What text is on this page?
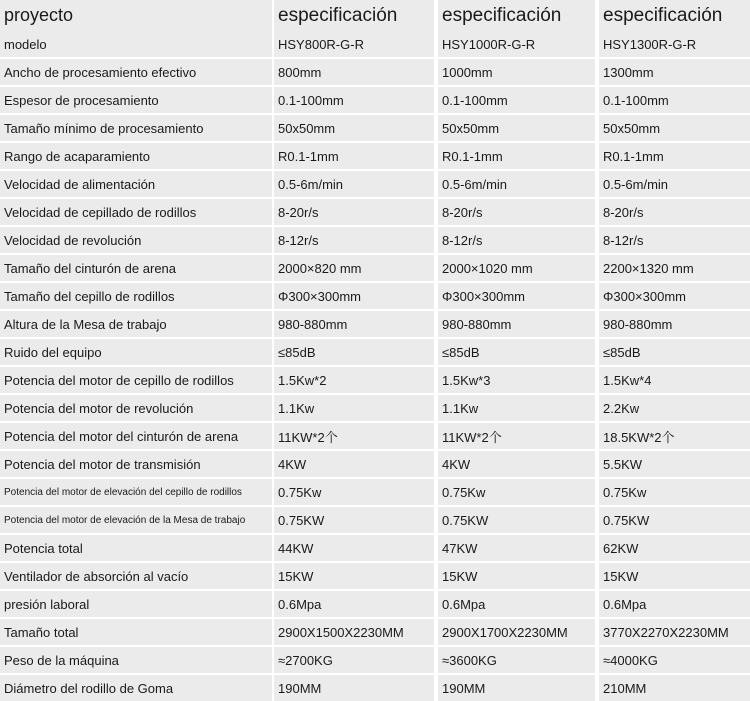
proyecto	especificación	especificación	especificación
modelo	HSY800R-G-R	HSY1000R-G-R	HSY1300R-G-R
Ancho de procesamiento efectivo	800mm	1000mm	1300mm
Espesor de procesamiento	0.1-100mm	0.1-100mm	0.1-100mm
Tamaño mínimo de procesamiento	50x50mm	50x50mm	50x50mm
Rango de acaparamiento	R0.1-1mm	R0.1-1mm	R0.1-1mm
Velocidad de alimentación	0.5-6m/min	0.5-6m/min	0.5-6m/min
Velocidad de cepillado de rodillos	8-20r/s	8-20r/s	8-20r/s
Velocidad de revolución	8-12r/s	8-12r/s	8-12r/s
Tamaño del cinturón de arena	2000×820 mm	2000×1020 mm	2200×1320 mm
Tamaño del cepillo de rodillos	Φ300×300mm	Φ300×300mm	Φ300×300mm
Altura de la Mesa de trabajo	980-880mm	980-880mm	980-880mm
Ruido del equipo	≤85dB	≤85dB	≤85dB
Potencia del motor de cepillo de rodillos	1.5Kw*2	1.5Kw*3	1.5Kw*4
Potencia del motor de revolución	1.1Kw	1.1Kw	2.2Kw
Potencia del motor del cinturón de arena	11KW*2个	11KW*2个	18.5KW*2个
Potencia del motor de transmisión	4KW	4KW	5.5KW
Potencia del motor de elevación del cepillo de rodillos	0.75Kw	0.75Kw	0.75Kw
Potencia del motor de elevación de la Mesa de trabajo	0.75KW	0.75KW	0.75KW
Potencia total	44KW	47KW	62KW
Ventilador de absorción al vacío	15KW	15KW	15KW
presión laboral	0.6Mpa	0.6Mpa	0.6Mpa
Tamaño total	2900X1500X2230MM	2900X1700X2230MM	3770X2270X2230MM
Peso de la máquina	≈2700KG	≈3600KG	≈4000KG
Diámetro del rodillo de Goma	190MM	190MM	210MM
